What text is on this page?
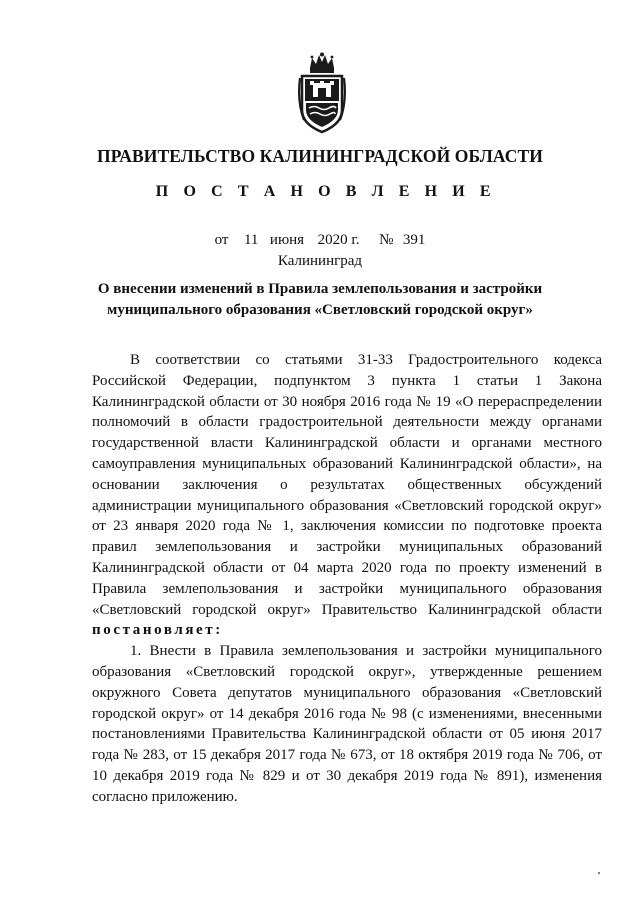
ПРАВИТЕЛЬСТВО КАЛИНИНГРАДСКОЙ ОБЛАСТИ
П О С Т А Н О В Л Е Н И Е
от 11 июня 2020 г. № 391
Калининград
О внесении изменений в Правила землепользования и застройки
муниципального образования «Светловский городской округ»

В соответствии со статьями 31-33 Градостроительного кодекса Российской Федерации, подпунктом 3 пункта 1 статьи 1 Закона Калининградской области от 30 ноября 2016 года № 19 «О перераспределении полномочий в области градостроительной деятельности между органами государственной власти Калининградской области и органами местного самоуправления муниципальных образований Калининградской области», на основании заключения о результатах общественных обсуждений администрации муниципального образования «Светловский городской округ» от 23 января 2020 года № 1, заключения комиссии по подготовке проекта правил землепользования и застройки муниципальных образований Калининградской области от 04 марта 2020 года по проекту изменений в Правила землепользования и застройки муниципального образования «Светловский городской округ» Правительство Калининградской области постановляет:

1. Внести в Правила землепользования и застройки муниципального образования «Светловский городской округ», утвержденные решением окружного Совета депутатов муниципального образования «Светловский городской округ» от 14 декабря 2016 года № 98 (с изменениями, внесенными постановлениями Правительства Калининградской области от 05 июня 2017 года № 283, от 15 декабря 2017 года № 673, от 18 октября 2019 года № 706, от 10 декабря 2019 года № 829 и от 30 декабря 2019 года № 891), изменения согласно приложению.
